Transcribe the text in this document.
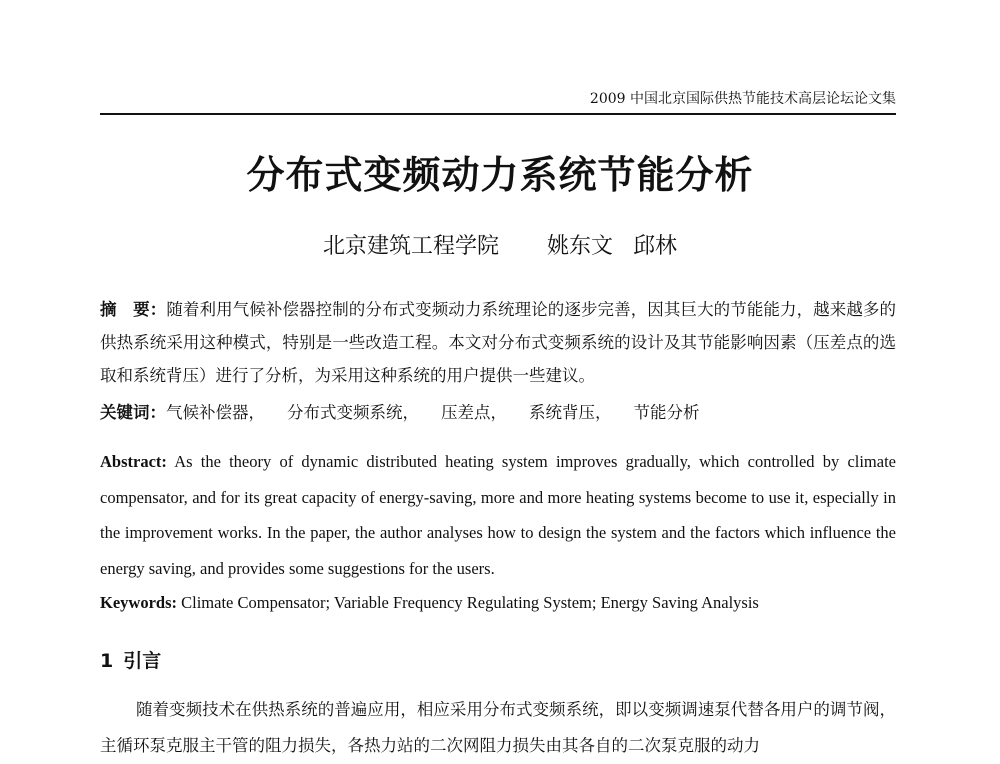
2009 中国北京国际供热节能技术高层论坛论文集
分布式变频动力系统节能分析
北京建筑工程学院 姚东文 邱林
摘　要：随着利用气候补偿器控制的分布式变频动力系统理论的逐步完善，因其巨大的节能能力，越来越多的供热系统采用这种模式，特别是一些改造工程。本文对分布式变频系统的设计及其节能影响因素（压差点的选取和系统背压）进行了分析，为采用这种系统的用户提供一些建议。
关键词：气候补偿器， 分布式变频系统， 压差点， 系统背压， 节能分析
Abstract: As the theory of dynamic distributed heating system improves gradually, which controlled by climate compensator, and for its great capacity of energy-saving, more and more heating systems become to use it, especially in the improvement works. In the paper, the author analyses how to design the system and the factors which influence the energy saving, and provides some suggestions for the users.
Keywords: Climate Compensator; Variable Frequency Regulating System; Energy Saving Analysis
1 引言
随着变频技术在供热系统的普遍应用，相应采用分布式变频系统，即以变频调速泵代替各用户的调节阀，主循环泵克服主干管的阻力损失，各热力站的二次网阻力损失由其各自的二次泵克服的动力
